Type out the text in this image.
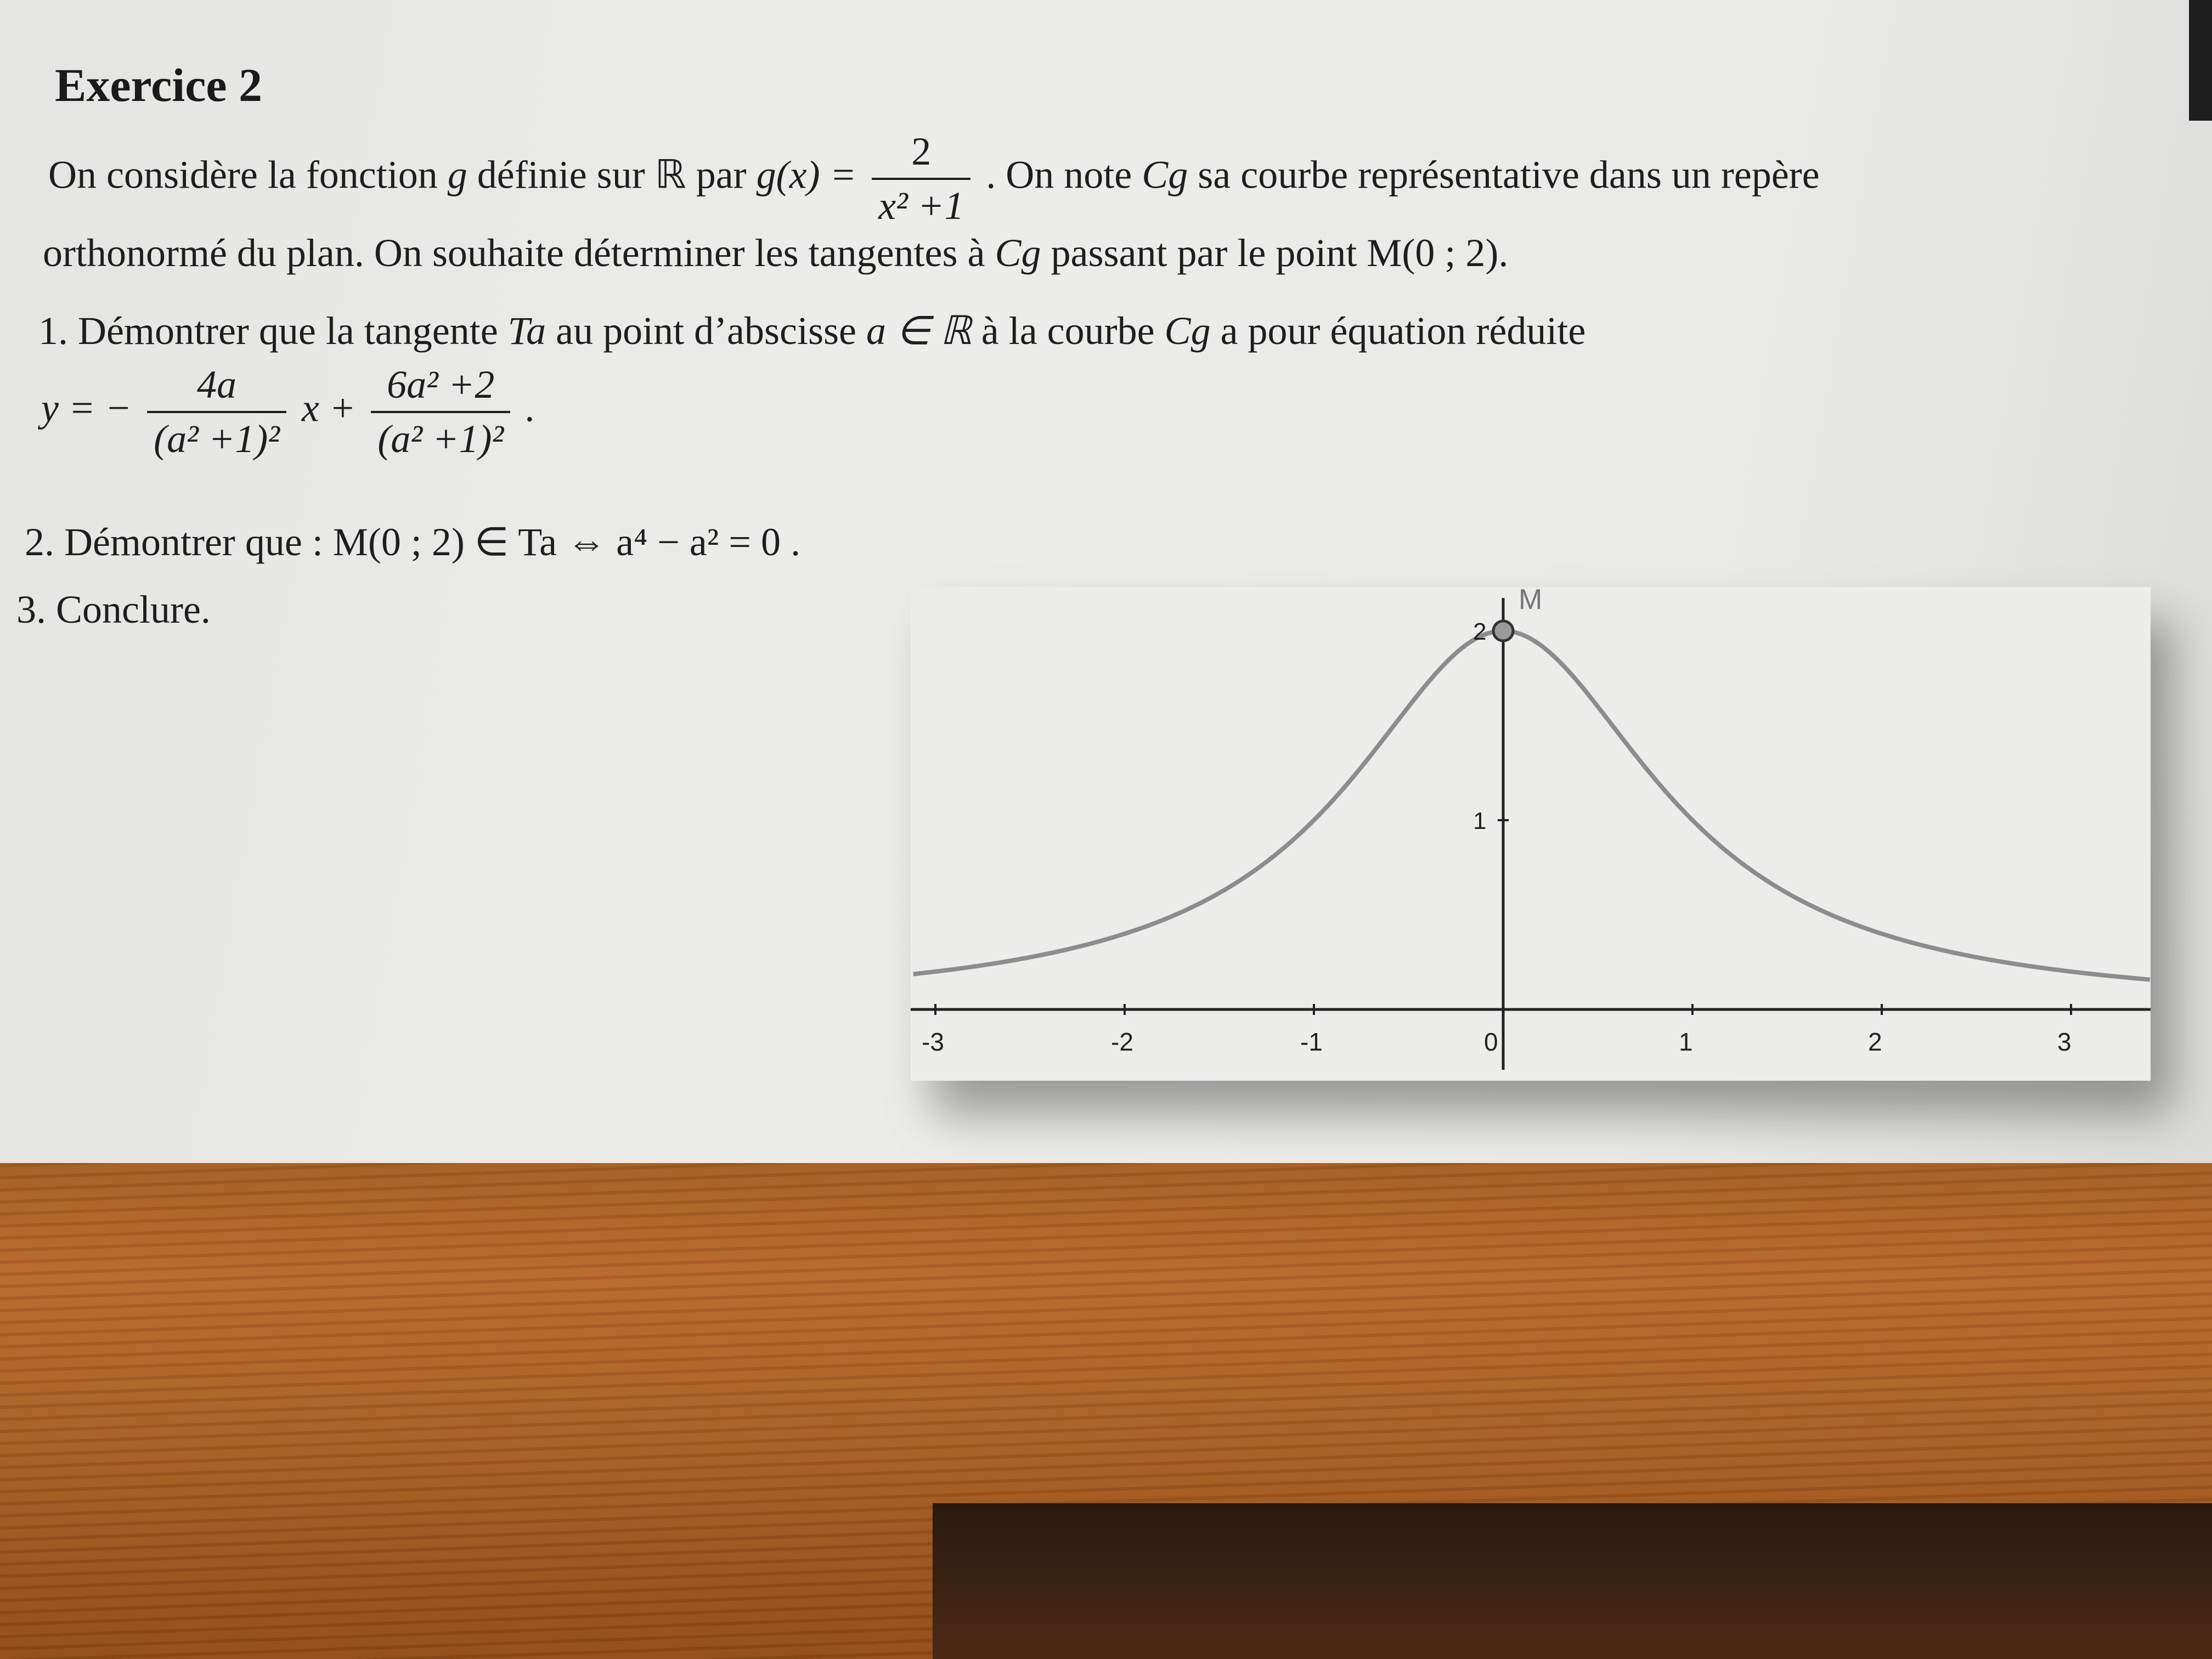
Exercice 2
On considère la fonction g définie sur ℝ par $g(x) = \frac{2}{\text{x² +1}}$ . On note Cg sa courbe représentative dans un repère
orthonormé du plan. On souhaite déterminer les tangentes à Cg passant par le point M(0 ; 2).
1. Démontrer que la tangente Ta au point d’abscisse a ∈ ℝ à la courbe Cg a pour équation réduite
y = − $\frac{4a}{\text{(a² +1)²}}$ $x + \frac{\text{6a² +2}}{\text{(a² +1)²}}$ .
2. Démontrer que : M(0 ; 2) ∈ Ta ⇔ a⁴ − a² = 0 .
3. Conclure.
-3	-2	-1	0	1	2	3
1
2
M
